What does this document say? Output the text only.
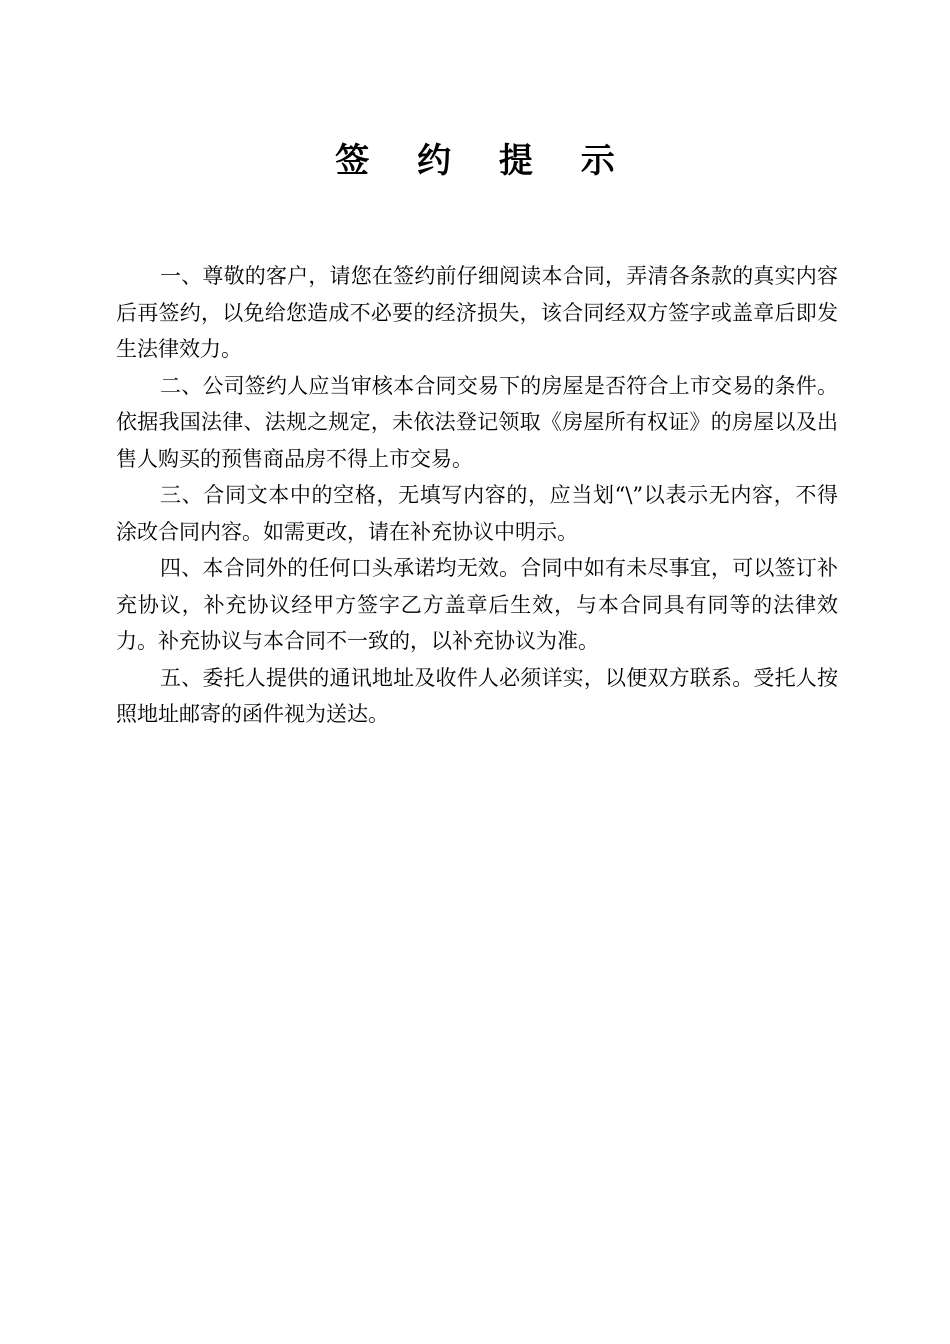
签 约 提 示

一、尊敬的客户，请您在签约前仔细阅读本合同，弄清各条款的真实内容后再签约，以免给您造成不必要的经济损失，该合同经双方签字或盖章后即发生法律效力。

二、公司签约人应当审核本合同交易下的房屋是否符合上市交易的条件。依据我国法律、法规之规定，未依法登记领取《房屋所有权证》的房屋以及出售人购买的预售商品房不得上市交易。

三、合同文本中的空格，无填写内容的，应当划“\”以表示无内容，不得涂改合同内容。如需更改，请在补充协议中明示。

四、本合同外的任何口头承诺均无效。合同中如有未尽事宜，可以签订补充协议，补充协议经甲方签字乙方盖章后生效，与本合同具有同等的法律效力。补充协议与本合同不一致的，以补充协议为准。

五、委托人提供的通讯地址及收件人必须详实，以便双方联系。受托人按照地址邮寄的函件视为送达。
